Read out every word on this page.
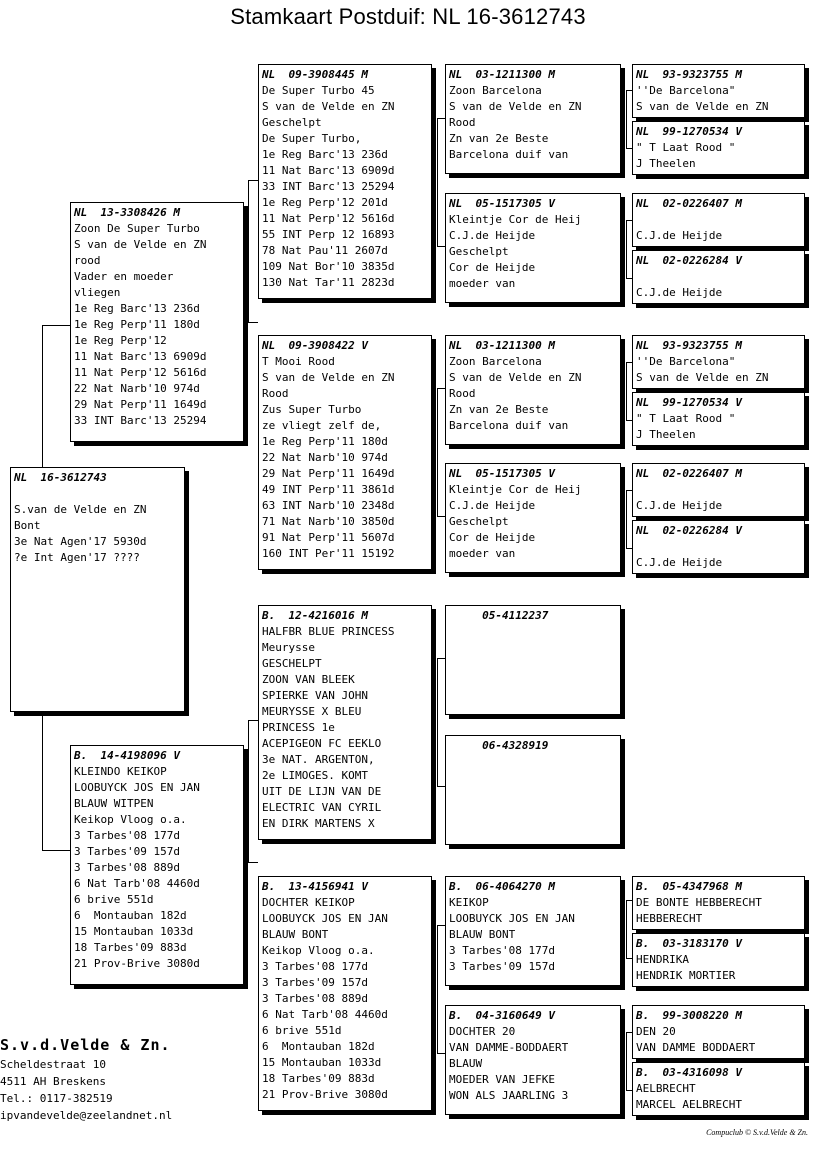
Stamkaart Postduif: NL 16-3612743
NL  16-3612743
S.van de Velde en ZN
Bont
3e Nat Agen'17 5930d
?e Int Agen'17 ????
NL  13-3308426 M
Zoon De Super Turbo
S van de Velde en ZN
rood
Vader en moeder
vliegen
1e Reg Barc'13 236d
1e Reg Perp'11 180d
1e Reg Perp'12
11 Nat Barc'13 6909d
11 Nat Perp'12 5616d
22 Nat Narb'10 974d
29 Nat Perp'11 1649d
33 INT Barc'13 25294
B.  14-4198096 V
KLEINDO KEIKOP
LOOBUYCK JOS EN JAN
BLAUW WITPEN
Keikop Vloog o.a.
3 Tarbes'08 177d
3 Tarbes'09 157d
3 Tarbes'08 889d
6 Nat Tarb'08 4460d
6 brive 551d
6  Montauban 182d
15 Montauban 1033d
18 Tarbes'09 883d
21 Prov-Brive 3080d
NL  09-3908445 M
De Super Turbo 45
S van de Velde en ZN
Geschelpt
De Super Turbo,
1e Reg Barc'13 236d
11 Nat Barc'13 6909d
33 INT Barc'13 25294
1e Reg Perp'12 201d
11 Nat Perp'12 5616d
55 INT Perp 12 16893
78 Nat Pau'11 2607d
109 Nat Bor'10 3835d
130 Nat Tar'11 2823d
NL  09-3908422 V
T Mooi Rood
S van de Velde en ZN
Rood
Zus Super Turbo
ze vliegt zelf de,
1e Reg Perp'11 180d
22 Nat Narb'10 974d
29 Nat Perp'11 1649d
49 INT Perp'11 3861d
63 INT Narb'10 2348d
71 Nat Narb'10 3850d
91 Nat Perp'11 5607d
160 INT Per'11 15192
B.  12-4216016 M
HALFBR BLUE PRINCESS
Meurysse
GESCHELPT
ZOON VAN BLEEK
SPIERKE VAN JOHN
MEURYSSE X BLEU
PRINCESS 1e
ACEPIGEON FC EEKLO
3e NAT. ARGENTON,
2e LIMOGES. KOMT
UIT DE LIJN VAN DE
ELECTRIC VAN CYRIL
EN DIRK MARTENS X
B.  13-4156941 V
DOCHTER KEIKOP
LOOBUYCK JOS EN JAN
BLAUW BONT
Keikop Vloog o.a.
3 Tarbes'08 177d
3 Tarbes'09 157d
3 Tarbes'08 889d
6 Nat Tarb'08 4460d
6 brive 551d
6  Montauban 182d
15 Montauban 1033d
18 Tarbes'09 883d
21 Prov-Brive 3080d
NL  03-1211300 M
Zoon Barcelona
S van de Velde en ZN
Rood
Zn van 2e Beste
Barcelona duif van
NL  05-1517305 V
Kleintje Cor de Heij
C.J.de Heijde
Geschelpt
Cor de Heijde
moeder van
NL  03-1211300 M
Zoon Barcelona
S van de Velde en ZN
Rood
Zn van 2e Beste
Barcelona duif van
NL  05-1517305 V
Kleintje Cor de Heij
C.J.de Heijde
Geschelpt
Cor de Heijde
moeder van
05-4112237
06-4328919
B.  06-4064270 M
KEIKOP
LOOBUYCK JOS EN JAN
BLAUW BONT
3 Tarbes'08 177d
3 Tarbes'09 157d
B.  04-3160649 V
DOCHTER 20
VAN DAMME-BODDAERT
BLAUW
MOEDER VAN JEFKE
WON ALS JAARLING 3
NL  93-9323755 M
''De Barcelona"
S van de Velde en ZN
NL  99-1270534 V
" T Laat Rood "
J Theelen
NL  02-0226407 M
C.J.de Heijde
NL  02-0226284 V
C.J.de Heijde
NL  93-9323755 M
''De Barcelona"
S van de Velde en ZN
NL  99-1270534 V
" T Laat Rood "
J Theelen
NL  02-0226407 M
C.J.de Heijde
NL  02-0226284 V
C.J.de Heijde
B.  05-4347968 M
DE BONTE HEBBERECHT
HEBBERECHT
B.  03-3183170 V
HENDRIKA
HENDRIK MORTIER
B.  99-3008220 M
DEN 20
VAN DAMME BODDAERT
B.  03-4316098 V
AELBRECHT
MARCEL AELBRECHT
S.v.d.Velde & Zn.
Scheldestraat 10
4511 AH Breskens
Tel.: 0117-382519
ipvandevelde@zeelandnet.nl
Compuclub © S.v.d.Velde & Zn.
